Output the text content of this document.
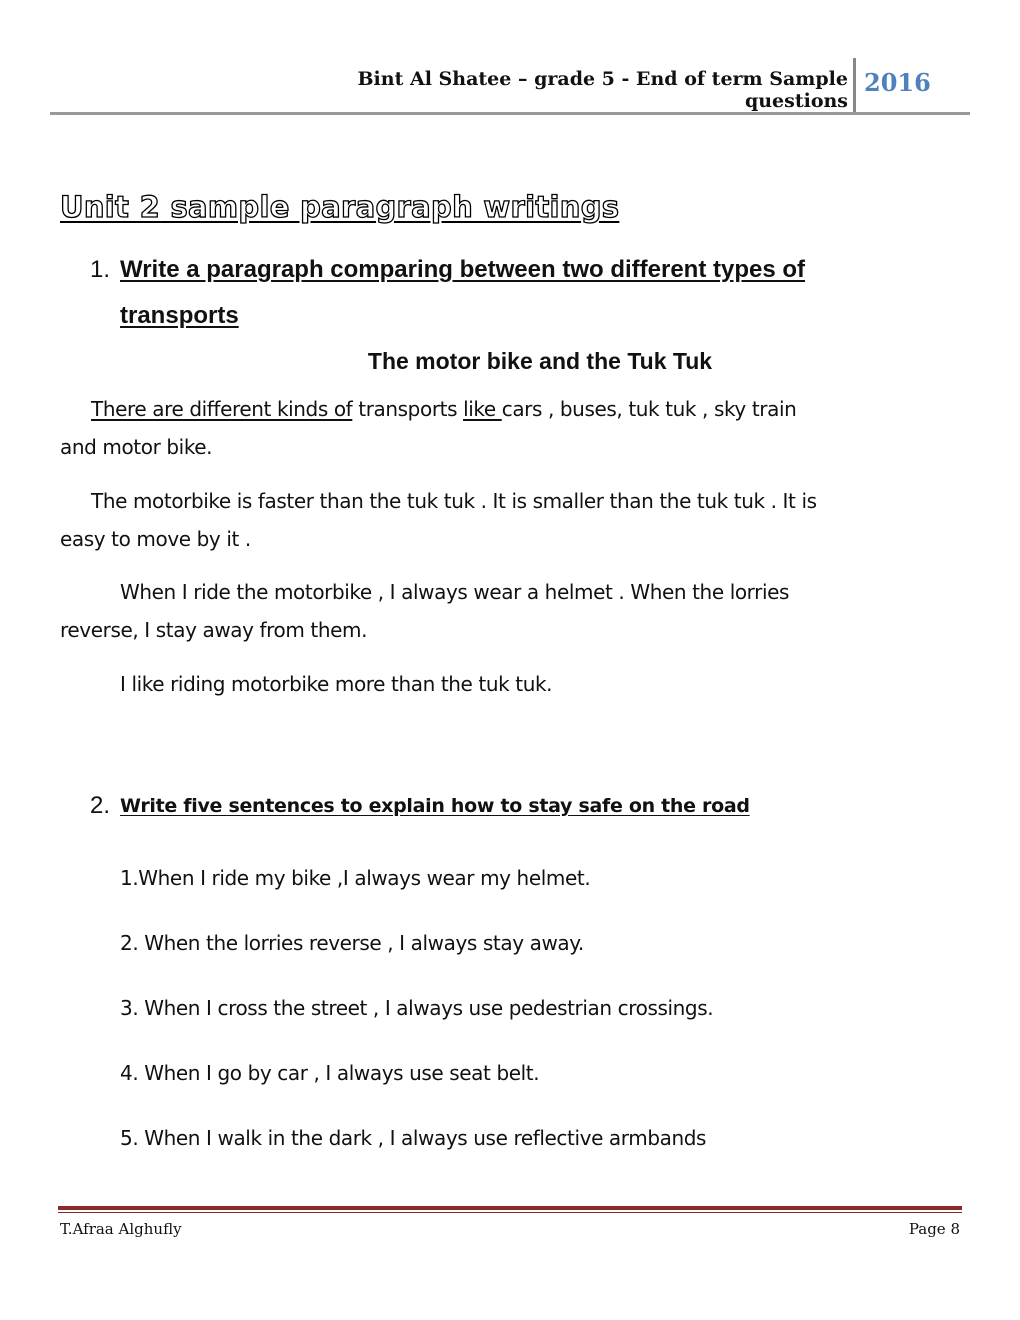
Bint Al Shatee – grade 5 - End of term Sample questions
2016
Unit 2 sample paragraph writings
1. Write a paragraph comparing between two different types of
transports
The motor bike and the Tuk Tuk
There are different kinds of transports like cars , buses, tuk tuk , sky train
and motor bike.
The motorbike is faster than the tuk tuk . It is smaller than the tuk tuk . It is
easy to move by it .
When I ride the motorbike , I always wear a helmet . When the lorries
reverse, I stay away from them.
I like riding motorbike more than the tuk tuk.
2. Write five sentences to explain how to stay safe on the road
1.When I ride my bike ,I always wear my helmet.
2. When the lorries reverse , I always stay away.
3. When I cross the street , I always use pedestrian crossings.
4. When I go by car , I always use seat belt.
5. When I walk in the dark , I always use reflective armbands
T.Afraa Alghufly	Page 8
